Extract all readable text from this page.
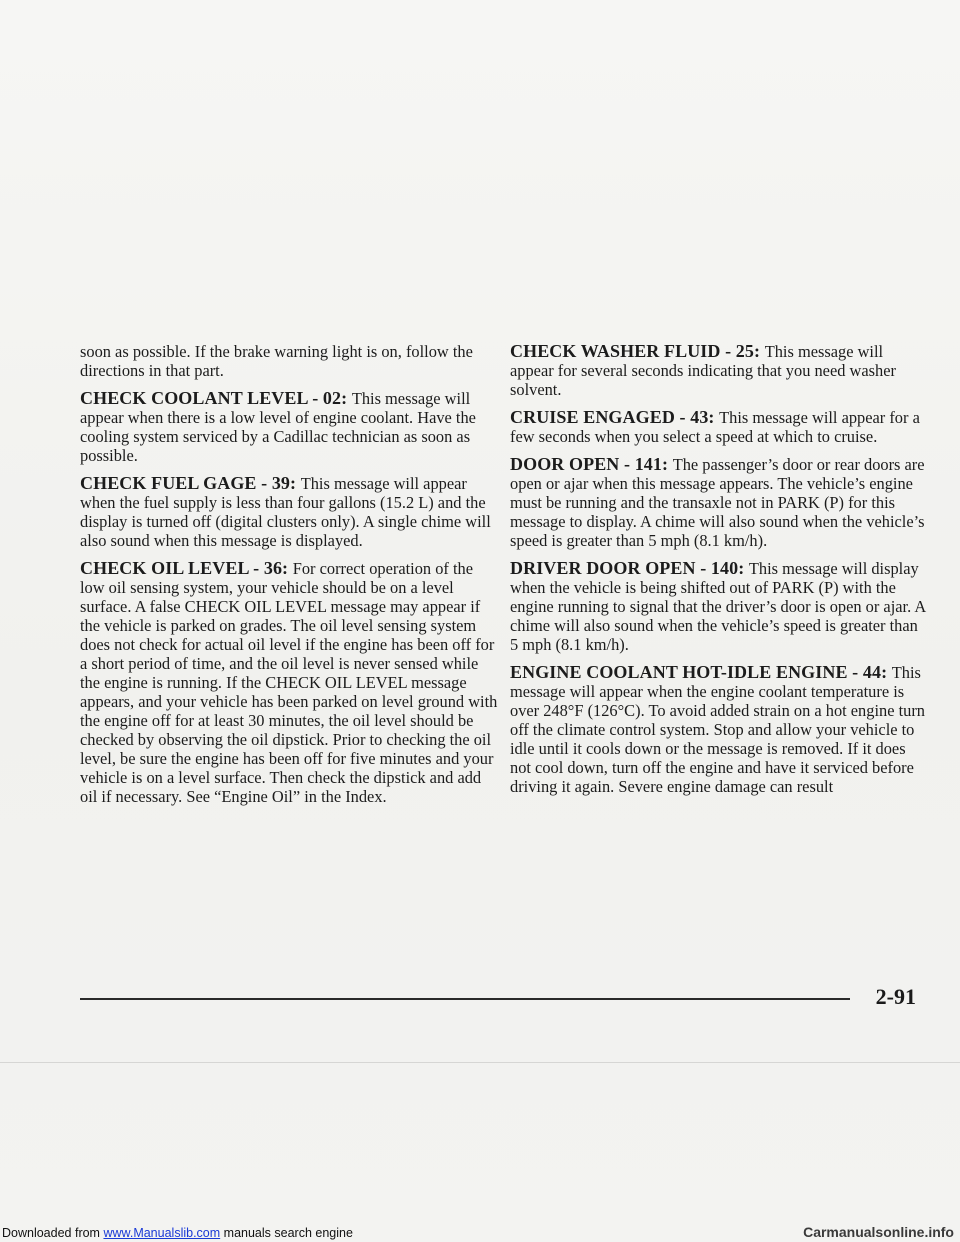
soon as possible. If the brake warning light is on, follow the directions in that part.

CHECK COOLANT LEVEL - 02: This message will appear when there is a low level of engine coolant. Have the cooling system serviced by a Cadillac technician as soon as possible.

CHECK FUEL GAGE - 39: This message will appear when the fuel supply is less than four gallons (15.2 L) and the display is turned off (digital clusters only). A single chime will also sound when this message is displayed.

CHECK OIL LEVEL - 36: For correct operation of the low oil sensing system, your vehicle should be on a level surface. A false CHECK OIL LEVEL message may appear if the vehicle is parked on grades. The oil level sensing system does not check for actual oil level if the engine has been off for a short period of time, and the oil level is never sensed while the engine is running. If the CHECK OIL LEVEL message appears, and your vehicle has been parked on level ground with the engine off for at least 30 minutes, the oil level should be checked by observing the oil dipstick. Prior to checking the oil level, be sure the engine has been off for five minutes and your vehicle is on a level surface. Then check the dipstick and add oil if necessary. See “Engine Oil” in the Index.

CHECK WASHER FLUID - 25: This message will appear for several seconds indicating that you need washer solvent.

CRUISE ENGAGED - 43: This message will appear for a few seconds when you select a speed at which to cruise.

DOOR OPEN - 141: The passenger’s door or rear doors are open or ajar when this message appears. The vehicle’s engine must be running and the transaxle not in PARK (P) for this message to display. A chime will also sound when the vehicle’s speed is greater than 5 mph (8.1 km/h).

DRIVER DOOR OPEN - 140: This message will display when the vehicle is being shifted out of PARK (P) with the engine running to signal that the driver’s door is open or ajar. A chime will also sound when the vehicle’s speed is greater than 5 mph (8.1 km/h).

ENGINE COOLANT HOT-IDLE ENGINE - 44: This message will appear when the engine coolant temperature is over 248°F (126°C). To avoid added strain on a hot engine turn off the climate control system. Stop and allow your vehicle to idle until it cools down or the message is removed. If it does not cool down, turn off the engine and have it serviced before driving it again. Severe engine damage can result

2-91
Downloaded from www.Manualslib.com manuals search engine	Carmanualsonline.info
